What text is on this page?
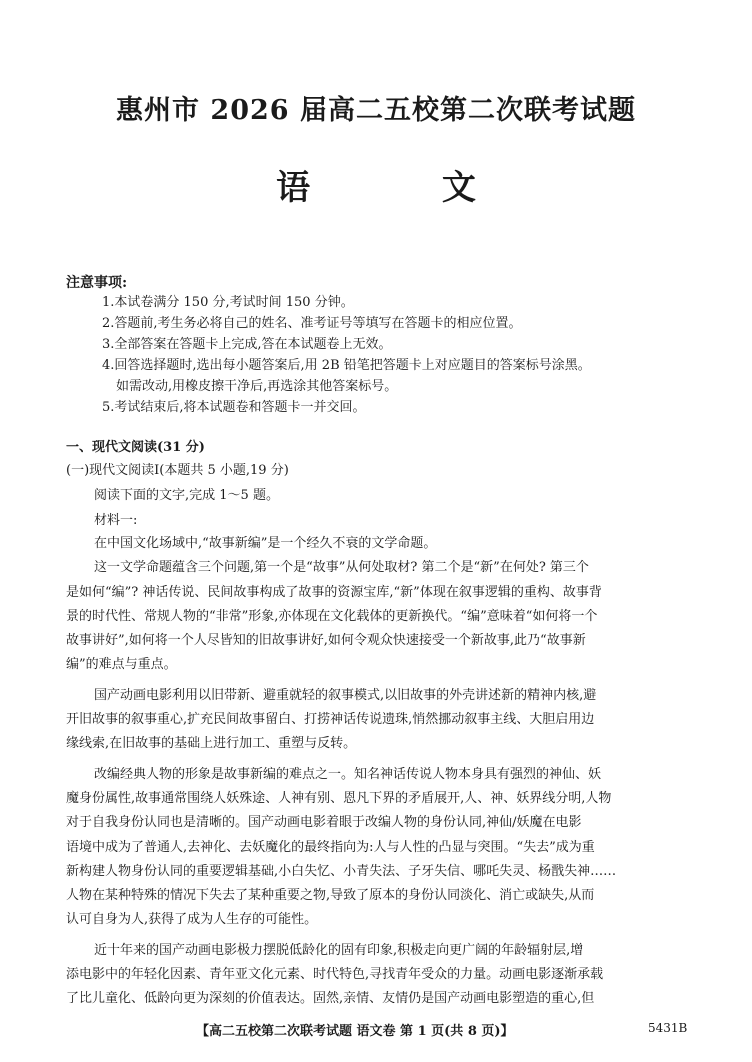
惠州市 2026 届高二五校第二次联考试题
语 文
注意事项:
1.本试卷满分 150 分,考试时间 150 分钟。
2.答题前,考生务必将自己的姓名、准考证号等填写在答题卡的相应位置。
3.全部答案在答题卡上完成,答在本试题卷上无效。
4.回答选择题时,选出每小题答案后,用 2B 铅笔把答题卡上对应题目的答案标号涂黑。
如需改动,用橡皮擦干净后,再选涂其他答案标号。
5.考试结束后,将本试题卷和答题卡一并交回。
一、现代文阅读(31 分)
(一)现代文阅读Ⅰ(本题共 5 小题,19 分)
阅读下面的文字,完成 1～5 题。
材料一:
在中国文化场域中,“故事新编”是一个经久不衰的文学命题。
这一文学命题蕴含三个问题,第一个是“故事”从何处取材? 第二个是“新”在何处? 第三个
是如何“编”? 神话传说、民间故事构成了故事的资源宝库,“新”体现在叙事逻辑的重构、故事背
景的时代性、常规人物的“非常”形象,亦体现在文化载体的更新换代。“编”意味着“如何将一个
故事讲好”,如何将一个人尽皆知的旧故事讲好,如何令观众快速接受一个新故事,此乃“故事新
编”的难点与重点。
国产动画电影利用以旧带新、避重就轻的叙事模式,以旧故事的外壳讲述新的精神内核,避
开旧故事的叙事重心,扩充民间故事留白、打捞神话传说遗珠,悄然挪动叙事主线、大胆启用边
缘线索,在旧故事的基础上进行加工、重塑与反转。
改编经典人物的形象是故事新编的难点之一。知名神话传说人物本身具有强烈的神仙、妖
魔身份属性,故事通常围绕人妖殊途、人神有别、恩凡下界的矛盾展开,人、神、妖界线分明,人物
对于自我身份认同也是清晰的。国产动画电影着眼于改编人物的身份认同,神仙/妖魔在电影
语境中成为了普通人,去神化、去妖魔化的最终指向为:人与人性的凸显与突围。“失去”成为重
新构建人物身份认同的重要逻辑基础,小白失忆、小青失法、子牙失信、哪吒失灵、杨戬失神……
人物在某种特殊的情况下失去了某种重要之物,导致了原本的身份认同淡化、消亡或缺失,从而
认可自身为人,获得了成为人生存的可能性。
近十年来的国产动画电影极力摆脱低龄化的固有印象,积极走向更广阔的年龄辐射层,增
添电影中的年轻化因素、青年亚文化元素、时代特色,寻找青年受众的力量。动画电影逐渐承载
了比儿童化、低龄向更为深刻的价值表达。固然,亲情、友情仍是国产动画电影塑造的重心,但
【高二五校第二次联考试题 语文卷 第 1 页(共 8 页)】	5431B
